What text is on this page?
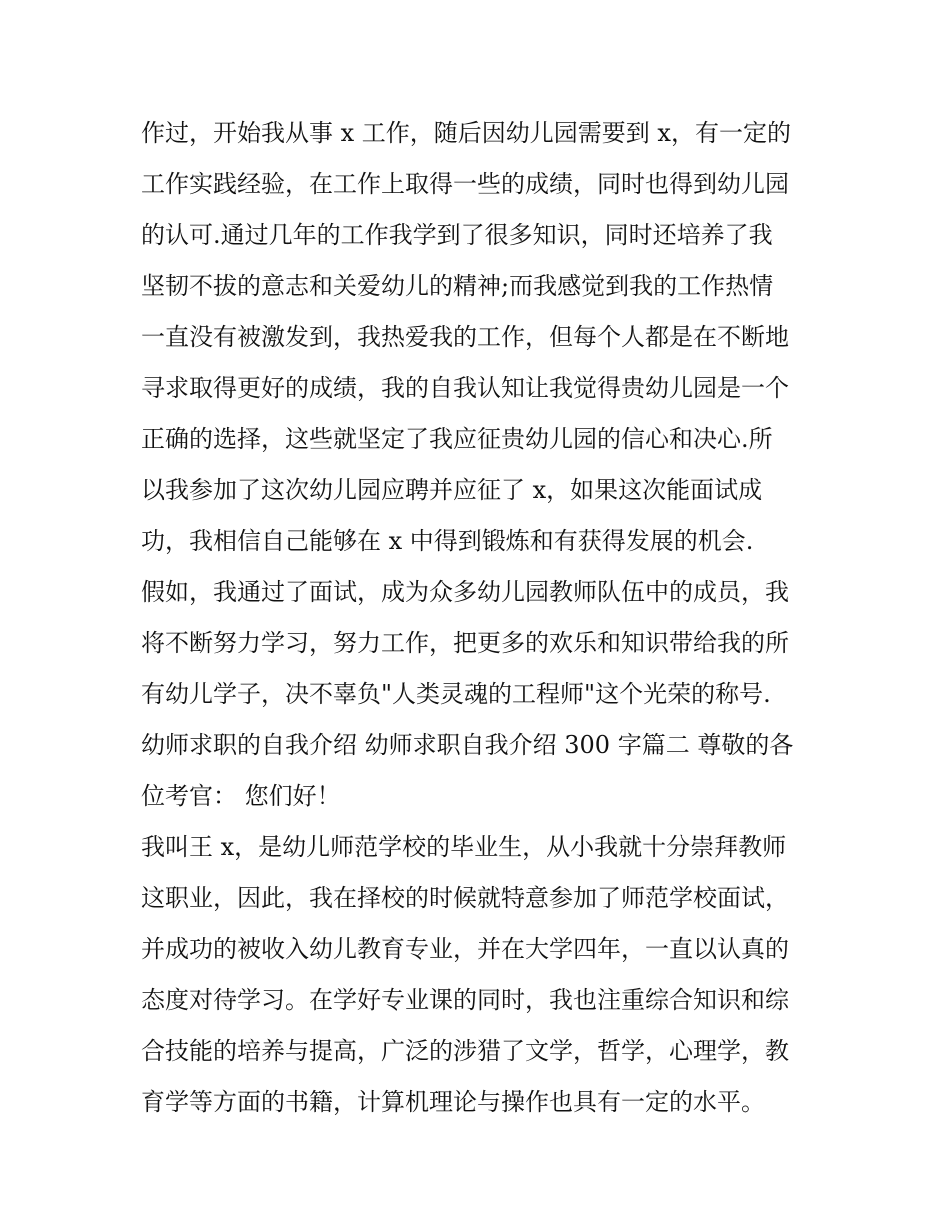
作过，开始我从事 x 工作，随后因幼儿园需要到 x，有一定的
工作实践经验，在工作上取得一些的成绩，同时也得到幼儿园
的认可.通过几年的工作我学到了很多知识，同时还培养了我
坚韧不拔的意志和关爱幼儿的精神;而我感觉到我的工作热情
一直没有被激发到，我热爱我的工作，但每个人都是在不断地
寻求取得更好的成绩，我的自我认知让我觉得贵幼儿园是一个
正确的选择，这些就坚定了我应征贵幼儿园的信心和决心.所
以我参加了这次幼儿园应聘并应征了 x，如果这次能面试成
功，我相信自己能够在 x 中得到锻炼和有获得发展的机会.
假如，我通过了面试，成为众多幼儿园教师队伍中的成员，我
将不断努力学习，努力工作，把更多的欢乐和知识带给我的所
有幼儿学子，决不辜负"人类灵魂的工程师"这个光荣的称号.
幼师求职的自我介绍 幼师求职自我介绍 300 字篇二 尊敬的各
位考官： 您们好！
我叫王 x，是幼儿师范学校的毕业生，从小我就十分崇拜教师
这职业，因此，我在择校的时候就特意参加了师范学校面试，
并成功的被收入幼儿教育专业，并在大学四年，一直以认真的
态度对待学习。在学好专业课的同时，我也注重综合知识和综
合技能的培养与提高，广泛的涉猎了文学，哲学，心理学，教
育学等方面的书籍，计算机理论与操作也具有一定的水平。
